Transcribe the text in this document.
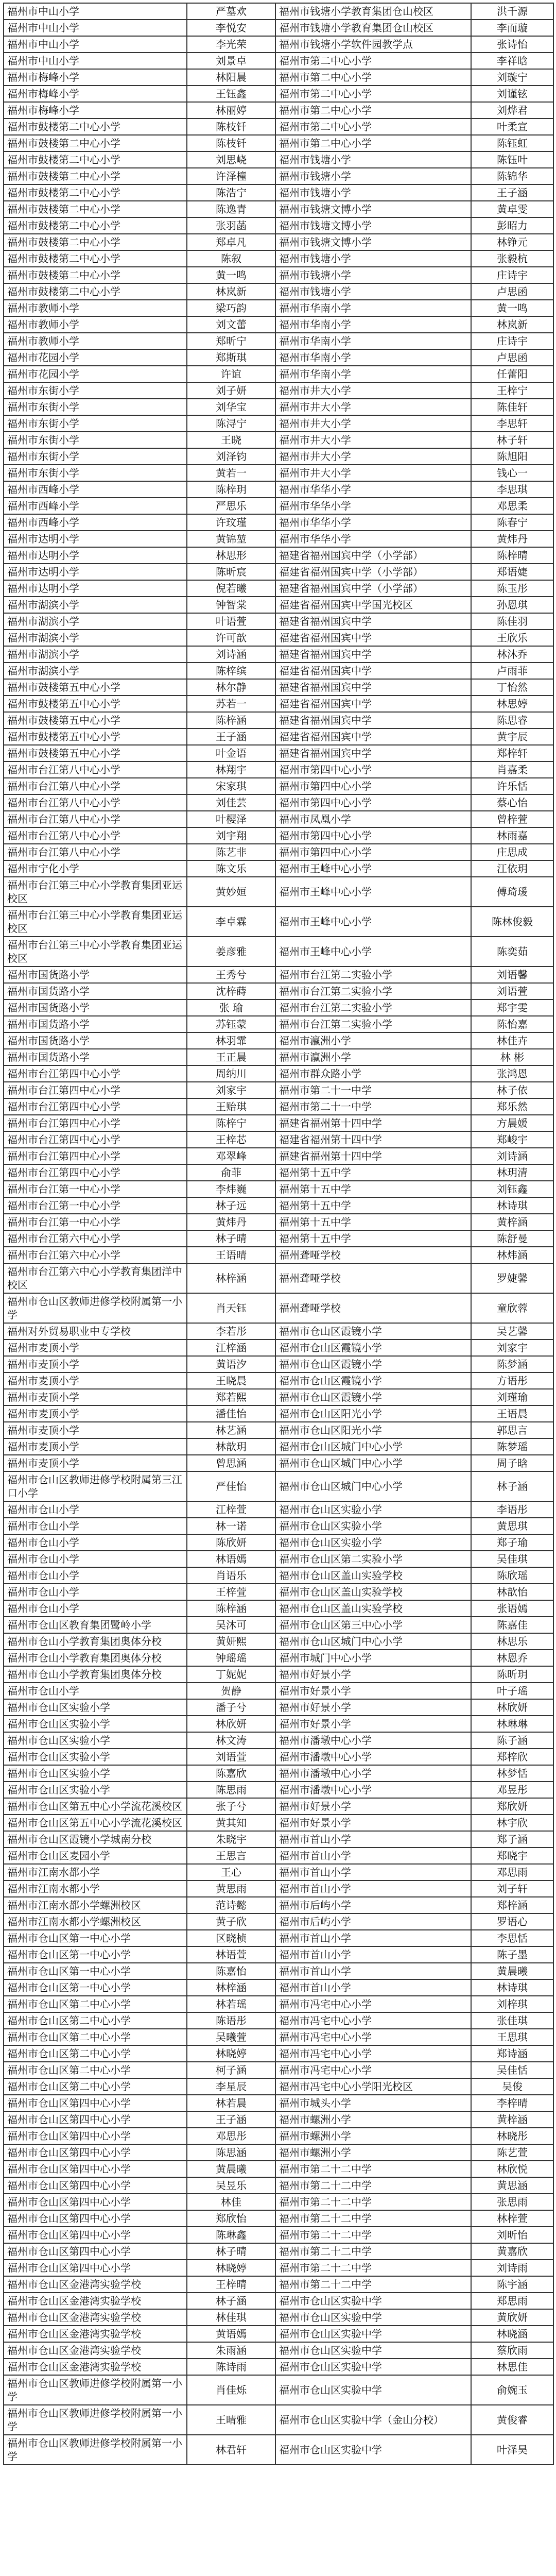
福州市中山小学	严墓欢	福州市钱塘小学教育集团仓山校区	洪千源
福州市中山小学	李悦安	福州市钱塘小学教育集团仓山校区	李而璇
福州市中山小学	李光荣	福州市钱塘小学软件园教学点	张诗怡
福州市中山小学	刘景卓	福州市第二中心小学	李祥晗
福州市梅峰小学	林阳晨	福州市第二中心小学	刘璇宁
福州市梅峰小学	王钰鑫	福州市第二中心小学	刘谨铉
福州市梅峰小学	林丽婷	福州市第二中心小学	刘烨君
福州市鼓楼第二中心小学	陈枝钎	福州市第二中心小学	叶柔宣
福州市鼓楼第二中心小学	陈枝钎	福州市第二中心小学	陈钰虹
福州市鼓楼第二中心小学	刘思峣	福州市钱塘小学	陈钰叶
福州市鼓楼第二中心小学	许泽橦	福州市钱塘小学	陈锦华
福州市鼓楼第二中心小学	陈浩宁	福州市钱塘小学	王子涵
福州市鼓楼第二中心小学	陈逸青	福州市钱塘文博小学	黄卓雯
福州市鼓楼第二中心小学	张羽菡	福州市钱塘文博小学	彭昭力
福州市鼓楼第二中心小学	郑卓凡	福州市钱塘文博小学	林铮元
福州市鼓楼第二中心小学	陈叙	福州市钱塘小学	张毅杭
福州市鼓楼第二中心小学	黄一鸣	福州市钱塘小学	庄诗宇
福州市鼓楼第二中心小学	林岚新	福州市钱塘小学	卢思函
福州市教师小学	梁巧韵	福州市华南小学	黄一鸣
福州市教师小学	刘文蕾	福州市华南小学	林岚新
福州市教师小学	郑昕宁	福州市华南小学	庄诗宇
福州市花园小学	郑斯琪	福州市华南小学	卢思函
福州市花园小学	许谊	福州市华南小学	任蕾阳
福州市东街小学	刘子妍	福州市井大小学	王梓宁
福州市东街小学	刘华宝	福州市井大小学	陈佳轩
福州市东街小学	陈浔宁	福州市井大小学	李思轩
福州市东街小学	王晓	福州市井大小学	林子轩
福州市东街小学	刘泽钧	福州市井大小学	陈旭阳
福州市东街小学	黄若一	福州市井大小学	钱心一
福州市西峰小学	陈梓玥	福州市华华小学	李思琪
福州市西峰小学	严思乐	福州市华华小学	邓思柔
福州市西峰小学	许玟瑾	福州市华华小学	陈春宁
福州市达明小学	黄锦堃	福州市华华小学	黄炜丹
福州市达明小学	林思形	福建省福州国宾中学（小学部）	陈梓晴
福州市达明小学	陈昕宸	福建省福州国宾中学（小学部）	郑语婕
福州市达明小学	倪若曦	福建省福州国宾中学（小学部）	陈玉彤
福州市湖滨小学	钟智棠	福建省福州国宾中学国光校区	孙恩琪
福州市湖滨小学	叶语萱	福建省福州国宾中学	陈佳羽
福州市湖滨小学	许可歆	福建省福州国宾中学	王欣乐
福州市湖滨小学	刘诗涵	福建省福州国宾中学	林沐乔
福州市湖滨小学	陈梓缤	福建省福州国宾中学	卢雨菲
福州市鼓楼第五中心小学	林尔静	福建省福州国宾中学	丁怡然
福州市鼓楼第五中心小学	苏若一	福建省福州国宾中学	林思婷
福州市鼓楼第五中心小学	陈梓涵	福建省福州国宾中学	陈思睿
福州市鼓楼第五中心小学	王子涵	福建省福州国宾中学	黄宇辰
福州市鼓楼第五中心小学	叶金语	福建省福州国宾中学	郑梓轩
福州市台江第八中心小学	林翔宇	福州市第四中心小学	肖嘉柔
福州市台江第八中心小学	宋家琪	福州市第四中心小学	许乐恬
福州市台江第八中心小学	刘佳芸	福州市第四中心小学	蔡心怡
福州市台江第八中心小学	叶樱泽	福州市凤凰小学	曾梓萱
福州市台江第八中心小学	刘宇翔	福州市第四中心小学	林雨嘉
福州市台江第八中心小学	陈艺非	福州市第四中心小学	庄思成
福州市宁化小学	陈文乐	福州市王峰中心小学	江依玥
福州市台江第三中心小学教育集团亚运校区	黄妙姮	福州市王峰中心小学	傅琦瑗
福州市台江第三中心小学教育集团亚运校区	李卓霖	福州市王峰中心小学	陈林俊毅
福州市台江第三中心小学教育集团亚运校区	姜彦雅	福州市王峰中心小学	陈奕茹
福州市国货路小学	王秀兮	福州市台江第二实验小学	刘语馨
福州市国货路小学	沈梓蒔	福州市台江第二实验小学	刘语萱
福州市国货路小学	张 瑜	福州市台江第二实验小学	郑宇雯
福州市国货路小学	苏钰蒙	福州市台江第二实验小学	陈怡嘉
福州市国货路小学	林羽霏	福州市瀛洲小学	林佳卉
福州市国货路小学	王正晨	福州市瀛洲小学	林 彬
福州市台江第四中心小学	周纳川	福州市群众路小学	张鸿恩
福州市台江第四中心小学	刘家宇	福州市第二十一中学	林子依
福州市台江第四中心小学	王贻琪	福州市第二十一中学	郑乐然
福州市台江第四中心小学	陈梓宁	福建省福州第十四中学	方晨媛
福州市台江第四中心小学	王梓芯	福建省福州第十四中学	郑峻宇
福州市台江第四中心小学	邓翠峰	福建省福州第十四中学	刘诗涵
福州市台江第四中心小学	俞菲	福州第十五中学	林玥清
福州市台江第一中心小学	李炜巍	福州第十五中学	刘钰鑫
福州市台江第一中心小学	林子远	福州第十五中学	林诗琪
福州市台江第一中心小学	黄炜丹	福州第十五中学	黄梓涵
福州市台江第六中心小学	林子晴	福州第十五中学	陈舒曼
福州市台江第六中心小学	王语晴	福州聋哑学校	林炜涵
福州市台江第六中心小学教育集团洋中校区	林梓涵	福州聋哑学校	罗婕馨
福州市仓山区教师进修学校附属第一小学	肖天钰	福州聋哑学校	童欣蓉
福州对外贸易职业中专学校	李若彤	福州市仓山区霞镜小学	吴艺馨
福州市麦顶小学	江梓涵	福州市仓山区霞镜小学	刘家宇
福州市麦顶小学	黄语汐	福州市仓山区霞镜小学	陈梦涵
福州市麦顶小学	王晓晨	福州市仓山区霞镜小学	方语彤
福州市麦顶小学	郑若熙	福州市仓山区霞镜小学	刘瑾瑜
福州市麦顶小学	潘佳怡	福州市仓山区阳光小学	王语晨
福州市麦顶小学	林艺涵	福州市仓山区阳光小学	郭思言
福州市麦顶小学	林歆玥	福州市仓山区城门中心小学	陈梦瑶
福州市麦顶小学	曾思涵	福州市仓山区城门中心小学	周子晗
福州市仓山区教师进修学校附属第三江口小学	严佳怡	福州市仓山区城门中心小学	林子涵
福州市仓山小学	江梓萱	福州市仓山区实验小学	李语彤
福州市仓山小学	林一诺	福州市仓山区实验小学	黄思琪
福州市仓山小学	陈欣妍	福州市仓山区实验小学	郑子瑜
福州市仓山小学	林语嫣	福州市仓山区第二实验小学	吴佳琪
福州市仓山小学	肖语乐	福州市仓山区盖山实验学校	陈欣瑶
福州市仓山小学	王梓萱	福州市仓山区盖山实验学校	林歆怡
福州市仓山小学	陈梓涵	福州市仓山区盖山实验学校	张语嫣
福州市仓山区教育集团鹭岭小学	吴沐可	福州市仓山区第三中心小学	陈嘉佳
福州市仓山小学教育集团奥体分校	黄妍熙	福州市仓山区城门中心小学	林思乐
福州市仓山小学教育集团奥体分校	钟瑶瑶	福州市城门中心小学	林恩乔
福州市仓山小学教育集团奥体分校	丁妮妮	福州市好景小学	陈昕玥
福州市仓山小学	贺静	福州市好景小学	叶子瑶
福州市仓山区实验小学	潘子兮	福州市好景小学	林欣妍
福州市仓山区实验小学	林欣妍	福州市好景小学	林琳琳
福州市仓山区实验小学	林文涛	福州市潘墩中心小学	陈子涵
福州市仓山区实验小学	刘语萱	福州市潘墩中心小学	郑梓欣
福州市仓山区实验小学	陈嘉欣	福州市潘墩中心小学	林梦恬
福州市仓山区实验小学	陈思雨	福州市潘墩中心小学	邓昱彤
福州市仓山区第五中心小学流花溪校区	张子兮	福州市好景小学	郑欣妍
福州市仓山区第五中心小学流花溪校区	黄其知	福州市好景小学	林宇欣
福州市仓山区霞镜小学城南分校	朱晓宇	福州市首山小学	郑子涵
福州市仓山区麦园小学	王思言	福州市首山小学	郑晓宇
福州市江南水都小学	王心	福州市首山小学	邓思雨
福州市江南水都小学	黄思雨	福州市首山小学	刘子轩
福州市江南水都小学螺洲校区	范诗懿	福州市后屿小学	郑梓涵
福州市江南水都小学螺洲校区	黄子欣	福州市后屿小学	罗语心
福州市仓山区第一中心小学	区晓桢	福州市首山小学	李思恬
福州市仓山区第一中心小学	林语萱	福州市首山小学	陈子墨
福州市仓山区第一中心小学	陈嘉怡	福州市首山小学	黄晨曦
福州市仓山区第一中心小学	林梓涵	福州市首山小学	林诗琪
福州市仓山区第二中心小学	林若瑶	福州市冯宅中心小学	刘梓琪
福州市仓山区第二中心小学	陈语彤	福州市冯宅中心小学	张佳琪
福州市仓山区第二中心小学	吴曦萱	福州市冯宅中心小学	王思琪
福州市仓山区第二中心小学	林晓婷	福州市冯宅中心小学	郑诗涵
福州市仓山区第二中心小学	柯子涵	福州市冯宅中心小学	吴佳恬
福州市仓山区第二中心小学	李星辰	福州市冯宅中心小学阳光校区	吴俊
福州市仓山区第四中心小学	林若晨	福州市城头小学	李梓晴
福州市仓山区第四中心小学	王子涵	福州市螺洲小学	黄梓涵
福州市仓山区第四中心小学	邓思彤	福州市螺洲小学	林晓彤
福州市仓山区第四中心小学	陈思涵	福州市螺洲小学	陈艺萱
福州市仓山区第四中心小学	黄晨曦	福州市第二十二中学	林欣悦
福州市仓山区第四中心小学	吴昱乐	福州市第二十二中学	黄思涵
福州市仓山区第四中心小学	林佳	福州市第二十二中学	张思雨
福州市仓山区第四中心小学	郑欣怡	福州市第二十二中学	林梓萱
福州市仓山区第四中心小学	陈琳鑫	福州市第二十二中学	刘昕怡
福州市仓山区第四中心小学	林子晴	福州市第二十二中学	黄嘉欣
福州市仓山区第四中心小学	林晓婷	福州市第二十二中学	刘诗雨
福州市仓山区金港湾实验学校	王梓晴	福州市第二十二中学	陈宇涵
福州市仓山区金港湾实验学校	林子涵	福州市仓山区实验中学	郑思雨
福州市仓山区金港湾实验学校	林佳琪	福州市仓山区实验中学	黄欣妍
福州市仓山区金港湾实验学校	黄语嫣	福州市仓山区实验中学	林晓涵
福州市仓山区金港湾实验学校	朱雨涵	福州市仓山区实验中学	蔡欣雨
福州市仓山区金港湾实验学校	陈诗雨	福州市仓山区实验中学	林思佳
福州市仓山区教师进修学校附属第一小学	肖佳烁	福州市仓山区实验中学	俞婉玉
福州市仓山区教师进修学校附属第一小学	王晴雅	福州市仓山区实验中学（金山分校）	黄俊睿
福州市仓山区教师进修学校附属第一小学	林君轩	福州市仓山区实验中学	叶泽昊
